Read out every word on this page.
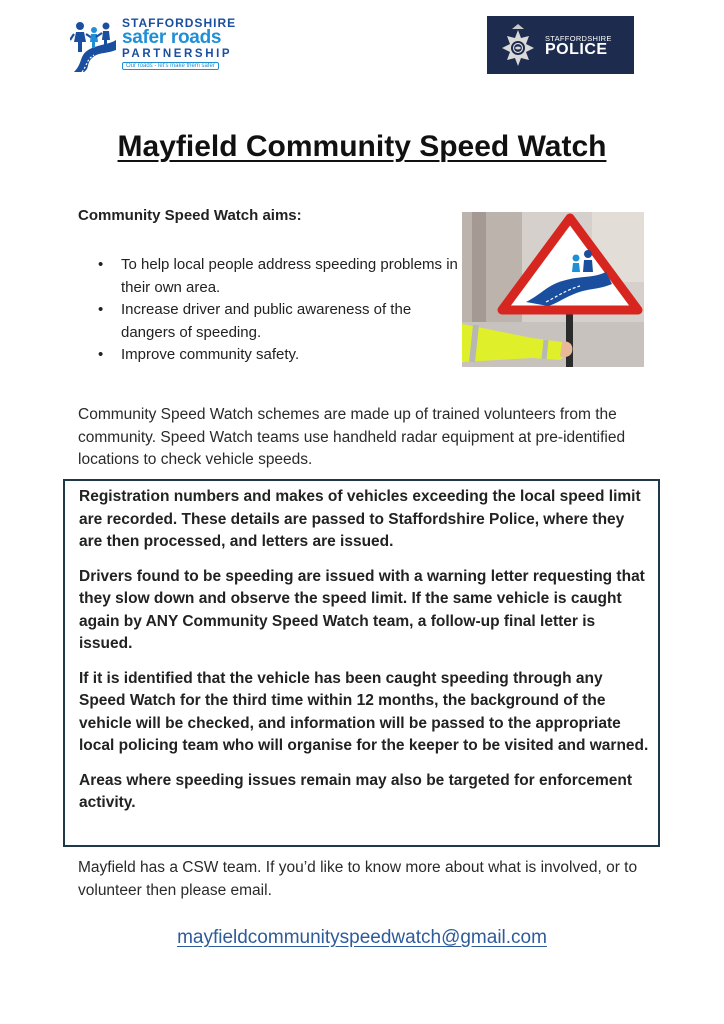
STAFFORDSHIRE
safer roads
PARTNERSHIP
Our roads - let's make them safer
STAFFORDSHIRE
POLICE
Mayfield Community Speed Watch
Community Speed Watch aims:
• To help local people address speeding problems in their own area.
• Increase driver and public awareness of the dangers of speeding.
• Improve community safety.

Community Speed Watch schemes are made up of trained volunteers from the community. Speed Watch teams use handheld radar equipment at pre-identified locations to check vehicle speeds.

Registration numbers and makes of vehicles exceeding the local speed limit are recorded. These details are passed to Staffordshire Police, where they are then processed, and letters are issued.

Drivers found to be speeding are issued with a warning letter requesting that they slow down and observe the speed limit. If the same vehicle is caught again by ANY Community Speed Watch team, a follow-up final letter is issued.

If it is identified that the vehicle has been caught speeding through any Speed Watch for the third time within 12 months, the background of the vehicle will be checked, and information will be passed to the appropriate local policing team who will organise for the keeper to be visited and warned.

Areas where speeding issues remain may also be targeted for enforcement activity.

Mayfield has a CSW team. If you’d like to know more about what is involved, or to volunteer then please email.

mayfieldcommunityspeedwatch@gmail.com
